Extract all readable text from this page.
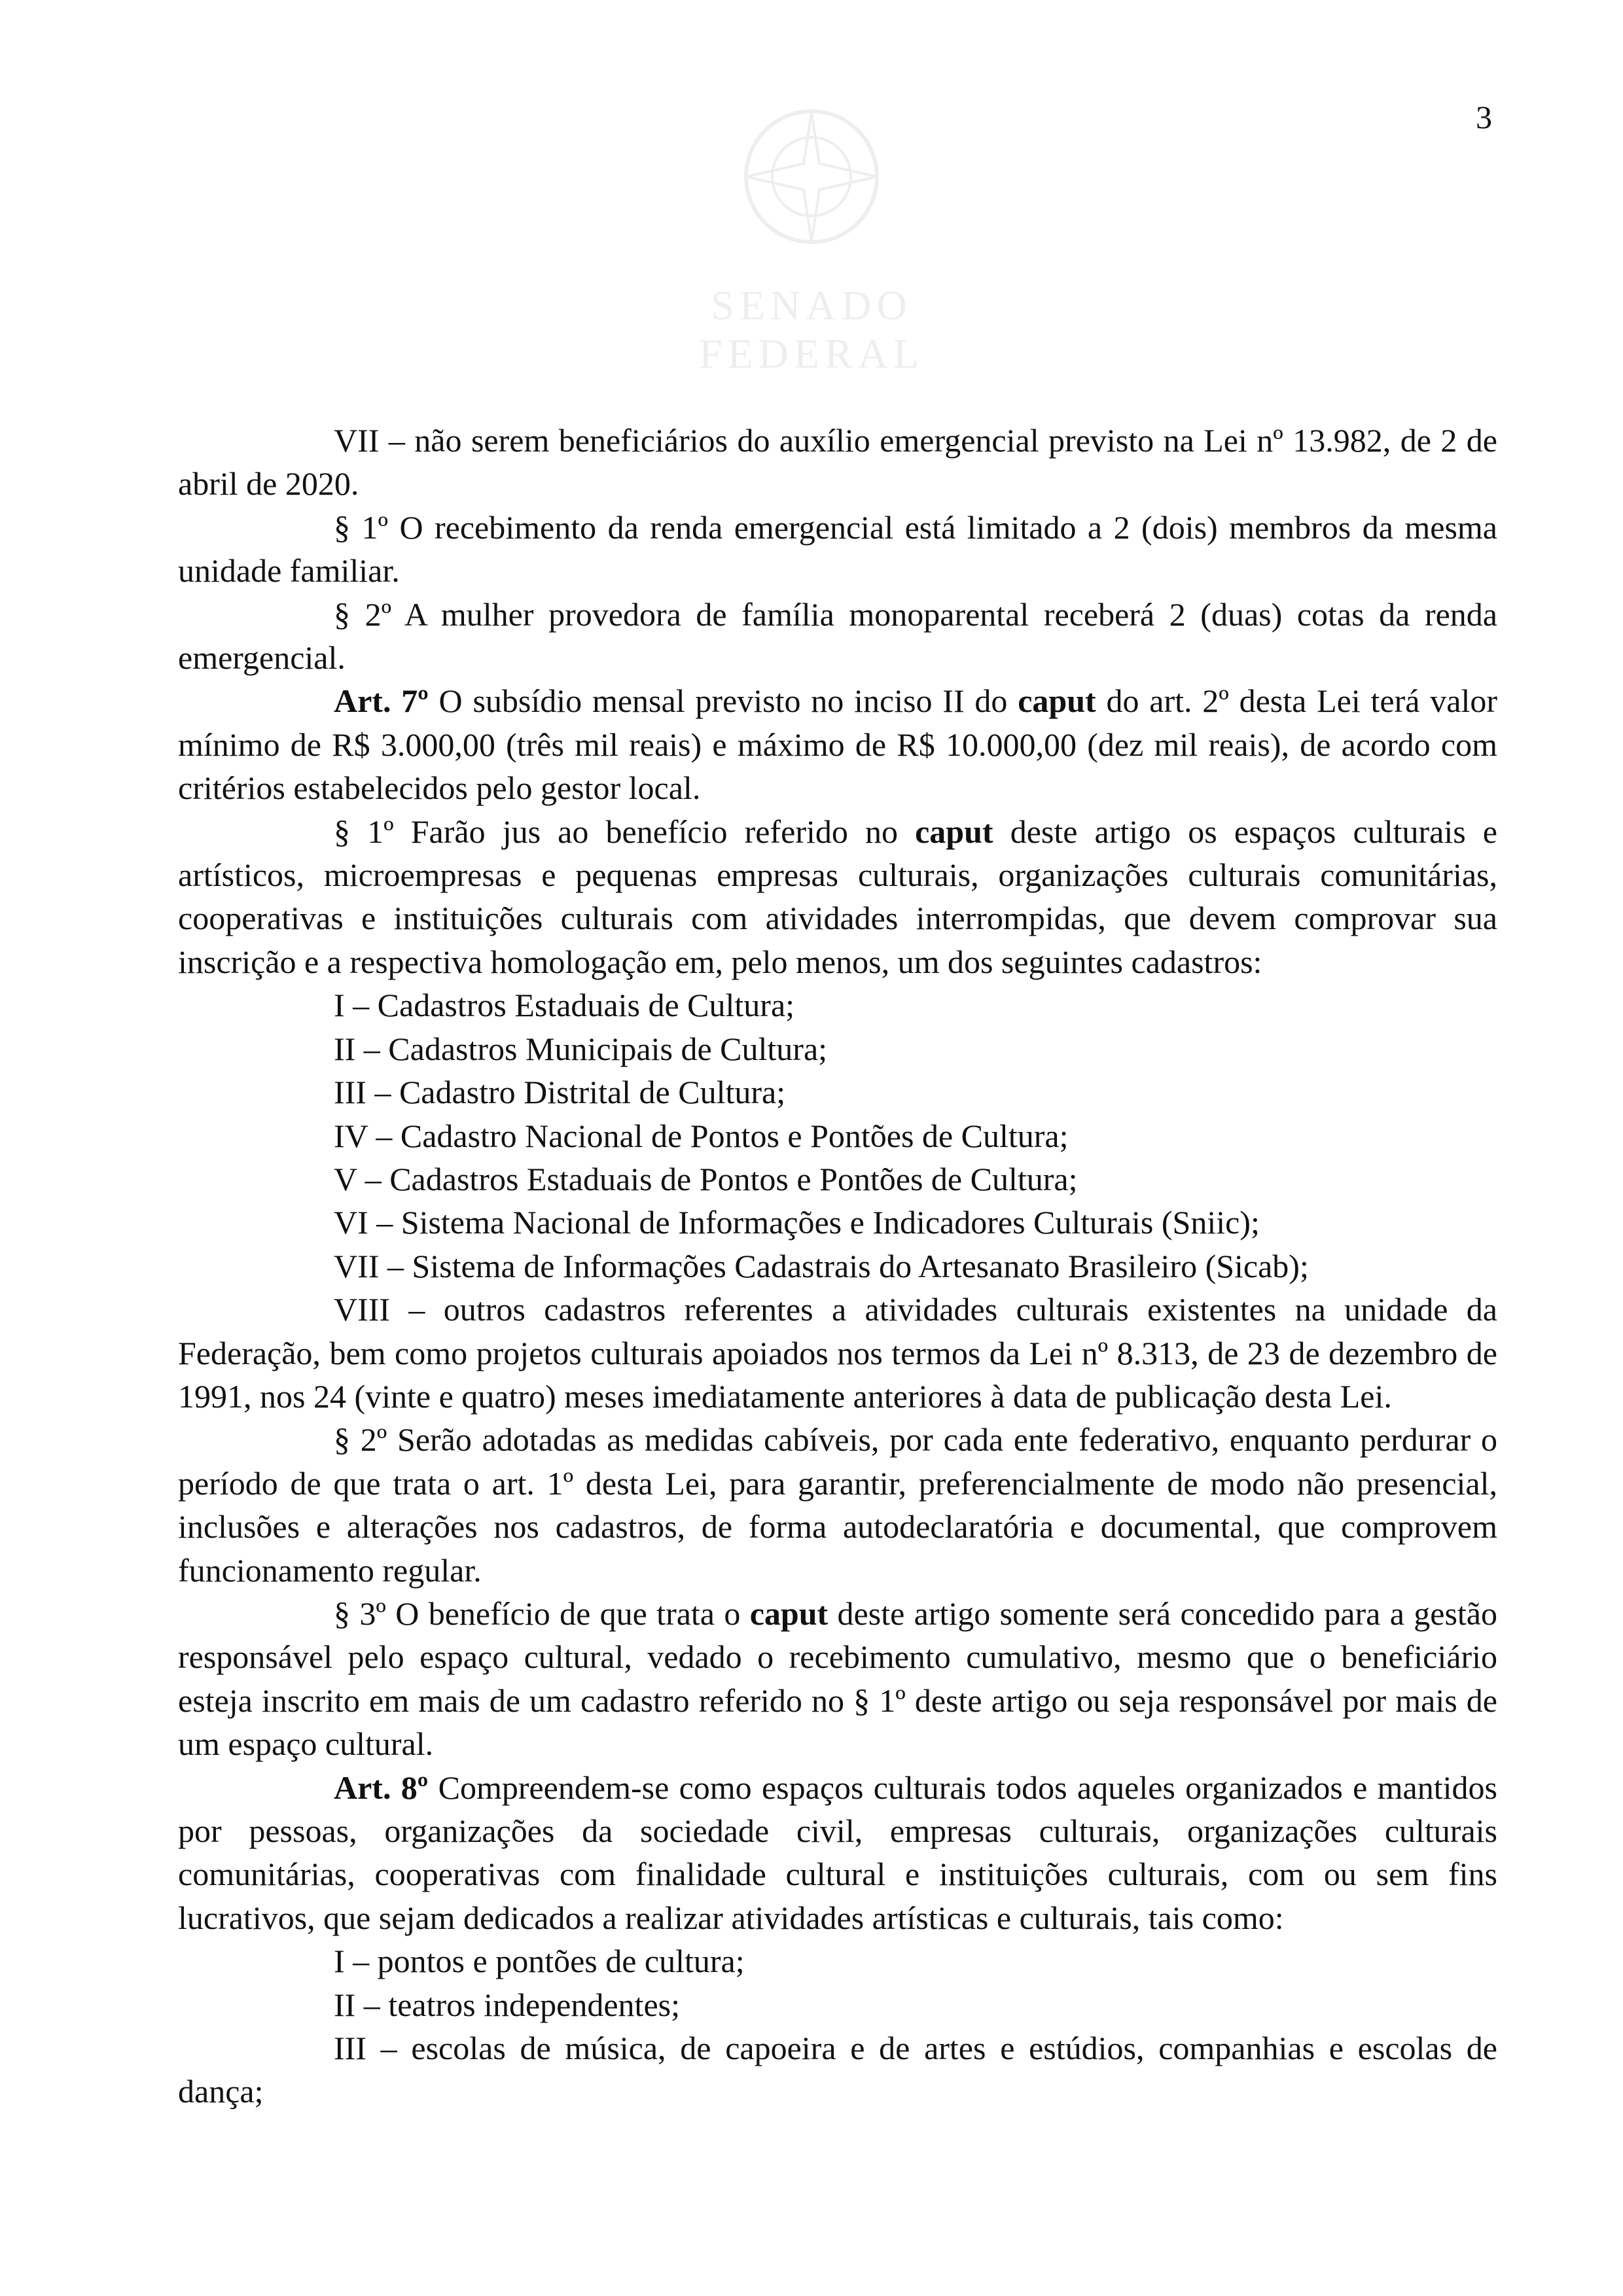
SENADO FEDERAL
3

VII – não serem beneficiários do auxílio emergencial previsto na Lei nº 13.982, de 2 de abril de 2020.

§ 1º O recebimento da renda emergencial está limitado a 2 (dois) membros da mesma unidade familiar.

§ 2º A mulher provedora de família monoparental receberá 2 (duas) cotas da renda emergencial.

Art. 7º O subsídio mensal previsto no inciso II do caput do art. 2º desta Lei terá valor mínimo de R$ 3.000,00 (três mil reais) e máximo de R$ 10.000,00 (dez mil reais), de acordo com critérios estabelecidos pelo gestor local.

§ 1º Farão jus ao benefício referido no caput deste artigo os espaços culturais e artísticos, microempresas e pequenas empresas culturais, organizações culturais comunitárias, cooperativas e instituições culturais com atividades interrompidas, que devem comprovar sua inscrição e a respectiva homologação em, pelo menos, um dos seguintes cadastros:

I – Cadastros Estaduais de Cultura;

II – Cadastros Municipais de Cultura;

III – Cadastro Distrital de Cultura;

IV – Cadastro Nacional de Pontos e Pontões de Cultura;

V – Cadastros Estaduais de Pontos e Pontões de Cultura;

VI – Sistema Nacional de Informações e Indicadores Culturais (Sniic);

VII – Sistema de Informações Cadastrais do Artesanato Brasileiro (Sicab);

VIII – outros cadastros referentes a atividades culturais existentes na unidade da Federação, bem como projetos culturais apoiados nos termos da Lei nº 8.313, de 23 de dezembro de 1991, nos 24 (vinte e quatro) meses imediatamente anteriores à data de publicação desta Lei.

§ 2º Serão adotadas as medidas cabíveis, por cada ente federativo, enquanto perdurar o período de que trata o art. 1º desta Lei, para garantir, preferencialmente de modo não presencial, inclusões e alterações nos cadastros, de forma autodeclaratória e documental, que comprovem funcionamento regular.

§ 3º O benefício de que trata o caput deste artigo somente será concedido para a gestão responsável pelo espaço cultural, vedado o recebimento cumulativo, mesmo que o beneficiário esteja inscrito em mais de um cadastro referido no § 1º deste artigo ou seja responsável por mais de um espaço cultural.

Art. 8º Compreendem-se como espaços culturais todos aqueles organizados e mantidos por pessoas, organizações da sociedade civil, empresas culturais, organizações culturais comunitárias, cooperativas com finalidade cultural e instituições culturais, com ou sem fins lucrativos, que sejam dedicados a realizar atividades artísticas e culturais, tais como:

I – pontos e pontões de cultura;

II – teatros independentes;

III – escolas de música, de capoeira e de artes e estúdios, companhias e escolas de dança;
